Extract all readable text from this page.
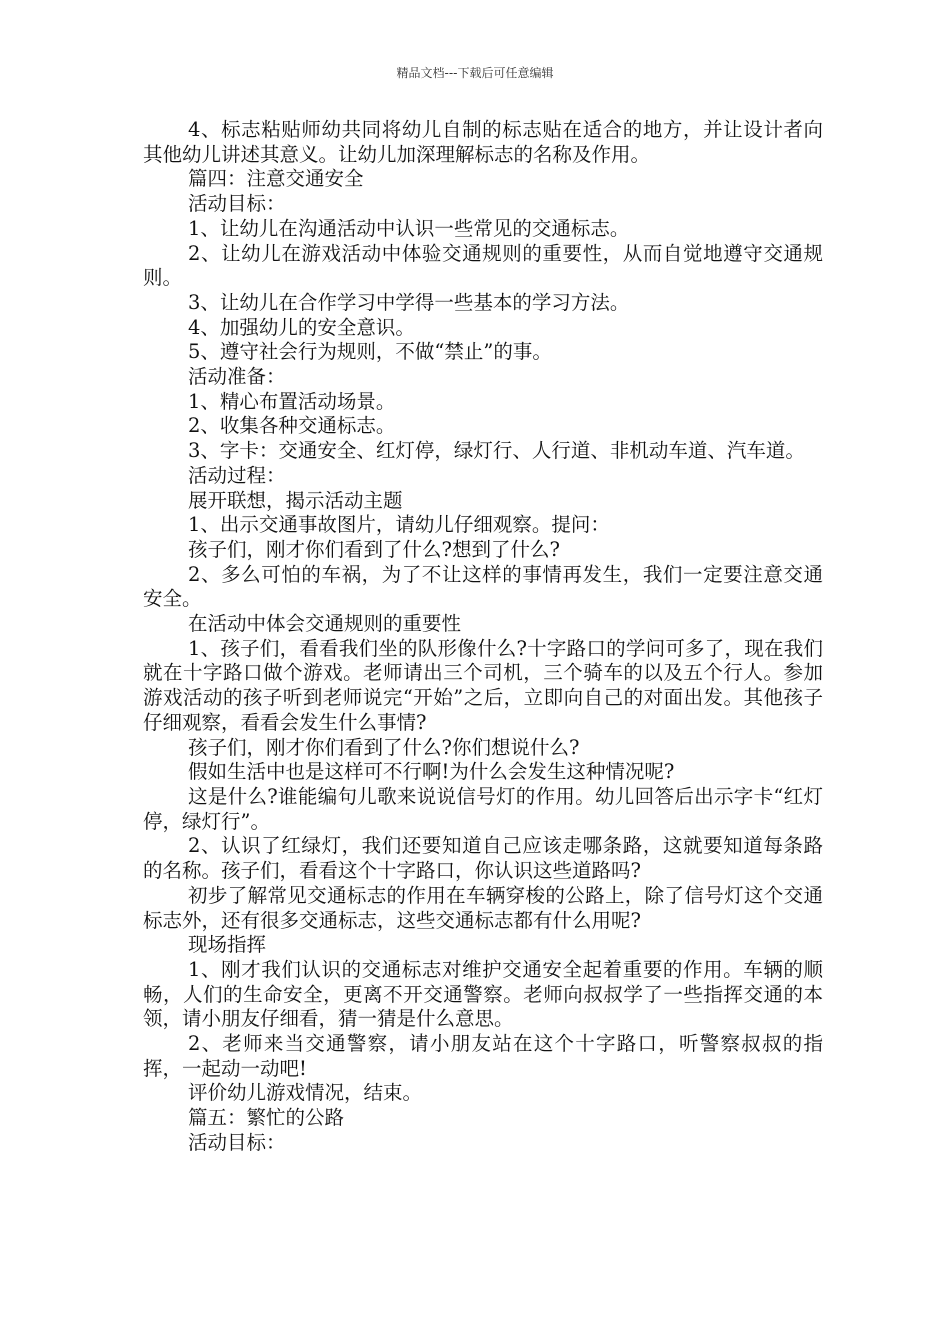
精品文档---下载后可任意编辑

4、标志粘贴师幼共同将幼儿自制的标志贴在适合的地方，并让设计者向其他幼儿讲述其意义。让幼儿加深理解标志的名称及作用。

篇四：注意交通安全

活动目标：

1、让幼儿在沟通活动中认识一些常见的交通标志。

2、让幼儿在游戏活动中体验交通规则的重要性，从而自觉地遵守交通规则。

3、让幼儿在合作学习中学得一些基本的学习方法。

4、加强幼儿的安全意识。

5、遵守社会行为规则，不做“禁止”的事。

活动准备：

1、精心布置活动场景。

2、收集各种交通标志。

3、字卡：交通安全、红灯停，绿灯行、人行道、非机动车道、汽车道。

活动过程：

展开联想，揭示活动主题

1、出示交通事故图片，请幼儿仔细观察。提问：

孩子们，刚才你们看到了什么?想到了什么?

2、多么可怕的车祸，为了不让这样的事情再发生，我们一定要注意交通安全。

在活动中体会交通规则的重要性

1、孩子们，看看我们坐的队形像什么?十字路口的学问可多了，现在我们就在十字路口做个游戏。老师请出三个司机，三个骑车的以及五个行人。参加游戏活动的孩子听到老师说完“开始”之后，立即向自己的对面出发。其他孩子仔细观察，看看会发生什么事情?

孩子们，刚才你们看到了什么?你们想说什么?

假如生活中也是这样可不行啊!为什么会发生这种情况呢?

这是什么?谁能编句儿歌来说说信号灯的作用。幼儿回答后出示字卡“红灯停，绿灯行”。

2、认识了红绿灯，我们还要知道自己应该走哪条路，这就要知道每条路的名称。孩子们，看看这个十字路口，你认识这些道路吗?

初步了解常见交通标志的作用在车辆穿梭的公路上，除了信号灯这个交通标志外，还有很多交通标志，这些交通标志都有什么用呢?

现场指挥

1、刚才我们认识的交通标志对维护交通安全起着重要的作用。车辆的顺畅，人们的生命安全，更离不开交通警察。老师向叔叔学了一些指挥交通的本领，请小朋友仔细看，猜一猜是什么意思。

2、老师来当交通警察，请小朋友站在这个十字路口，听警察叔叔的指挥，一起动一动吧!

评价幼儿游戏情况，结束。

篇五：繁忙的公路

活动目标：
